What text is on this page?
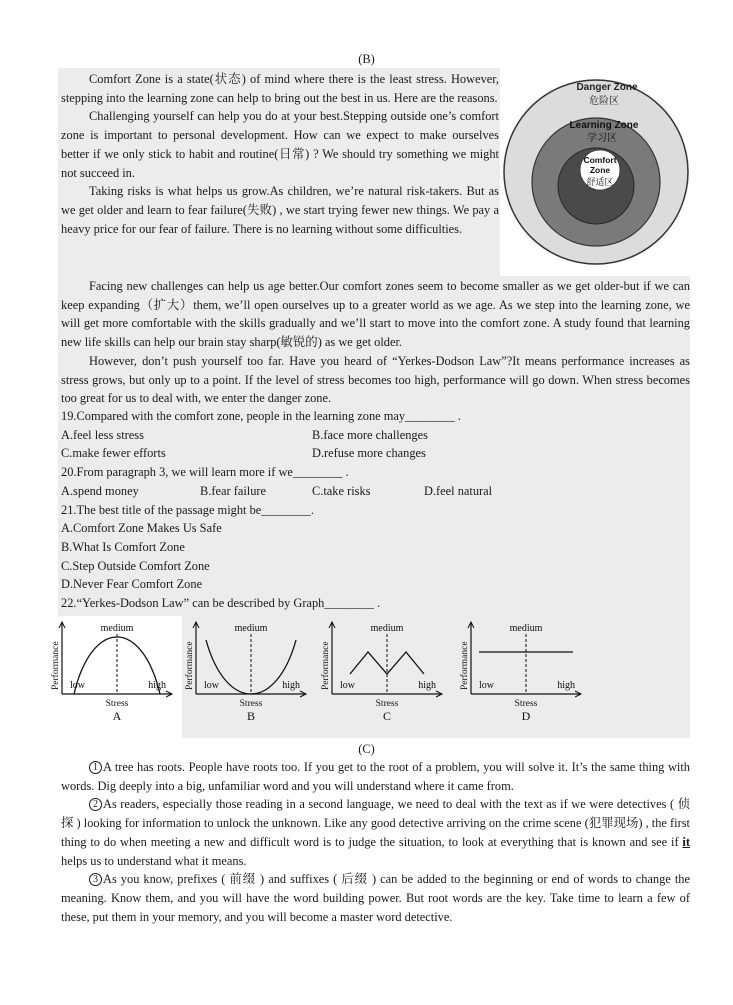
(B)

Comfort Zone is a state(状态) of mind where there is the least stress. However, stepping into the learning zone can help to bring out the best in us. Here are the reasons.

Challenging yourself can help you do at your best.Stepping outside one’s comfort zone is important to personal development. How can we expect to make ourselves better if we only stick to habit and routine(日常) ? We should try something we might not succeed in.

Taking risks is what helps us grow.As children, we’re natural risk-takers. But as we get older and learn to fear failure(失败) , we start trying fewer new things. We pay a heavy price for our fear of failure. There is no learning without some difficulties.

Danger Zone
危险区
Learning Zone
学习区
Comfort
Zone
舒适区

Facing new challenges can help us age better.Our comfort zones seem to become smaller as we get older-but if we can keep expanding（扩大）them, we’ll open ourselves up to a greater world as we age. As we step into the learning zone, we will get more comfortable with the skills gradually and we’ll start to move into the comfort zone. A study found that learning new life skills can help our brain stay sharp(敏锐的) as we get older.

However, don’t push yourself too far. Have you heard of “Yerkes-Dodson Law”?It means performance increases as stress grows, but only up to a point. If the level of stress becomes too high, performance will go down. When stress becomes too great for us to deal with, we enter the danger zone.

19.Compared with the comfort zone, people in the learning zone may________ .
A.feel less stress	B.face more challenges
C.make fewer efforts	D.refuse more changes
20.From paragraph 3, we will learn more if we________ .
A.spend money	B.fear failure	C.take risks	D.feel natural
21.The best title of the passage might be________.
A.Comfort Zone Makes Us Safe
B.What Is Comfort Zone
C.Step Outside Comfort Zone
D.Never Fear Comfort Zone
22.“Yerkes-Dodson Law” can be described by Graph________ .
Performance
medium
low	high
Stress
A
Performance
medium
low	high
Stress
B
Performance
medium
low	high
Stress
C
Performance
medium
low	high
Stress
D
(C)

1 A tree has roots. People have roots too. If you get to the root of a problem, you will solve it. It’s the same thing with words. Dig deeply into a big, unfamiliar word and you will understand where it came from.

2 As readers, especially those reading in a second language, we need to deal with the text as if we were detectives ( 侦探 ) looking for information to unlock the unknown. Like any good detective arriving on the crime scene (犯罪现场) , the first thing to do when meeting a new and difficult word is to judge the situation, to look at everything that is known and see if it helps us to understand what it means.

3 As you know, prefixes ( 前缀 ) and suffixes ( 后缀 ) can be added to the beginning or end of words to change the meaning. Know them, and you will have the word building power. But root words are the key. Take time to learn a few of these, put them in your memory, and you will become a master word detective.
